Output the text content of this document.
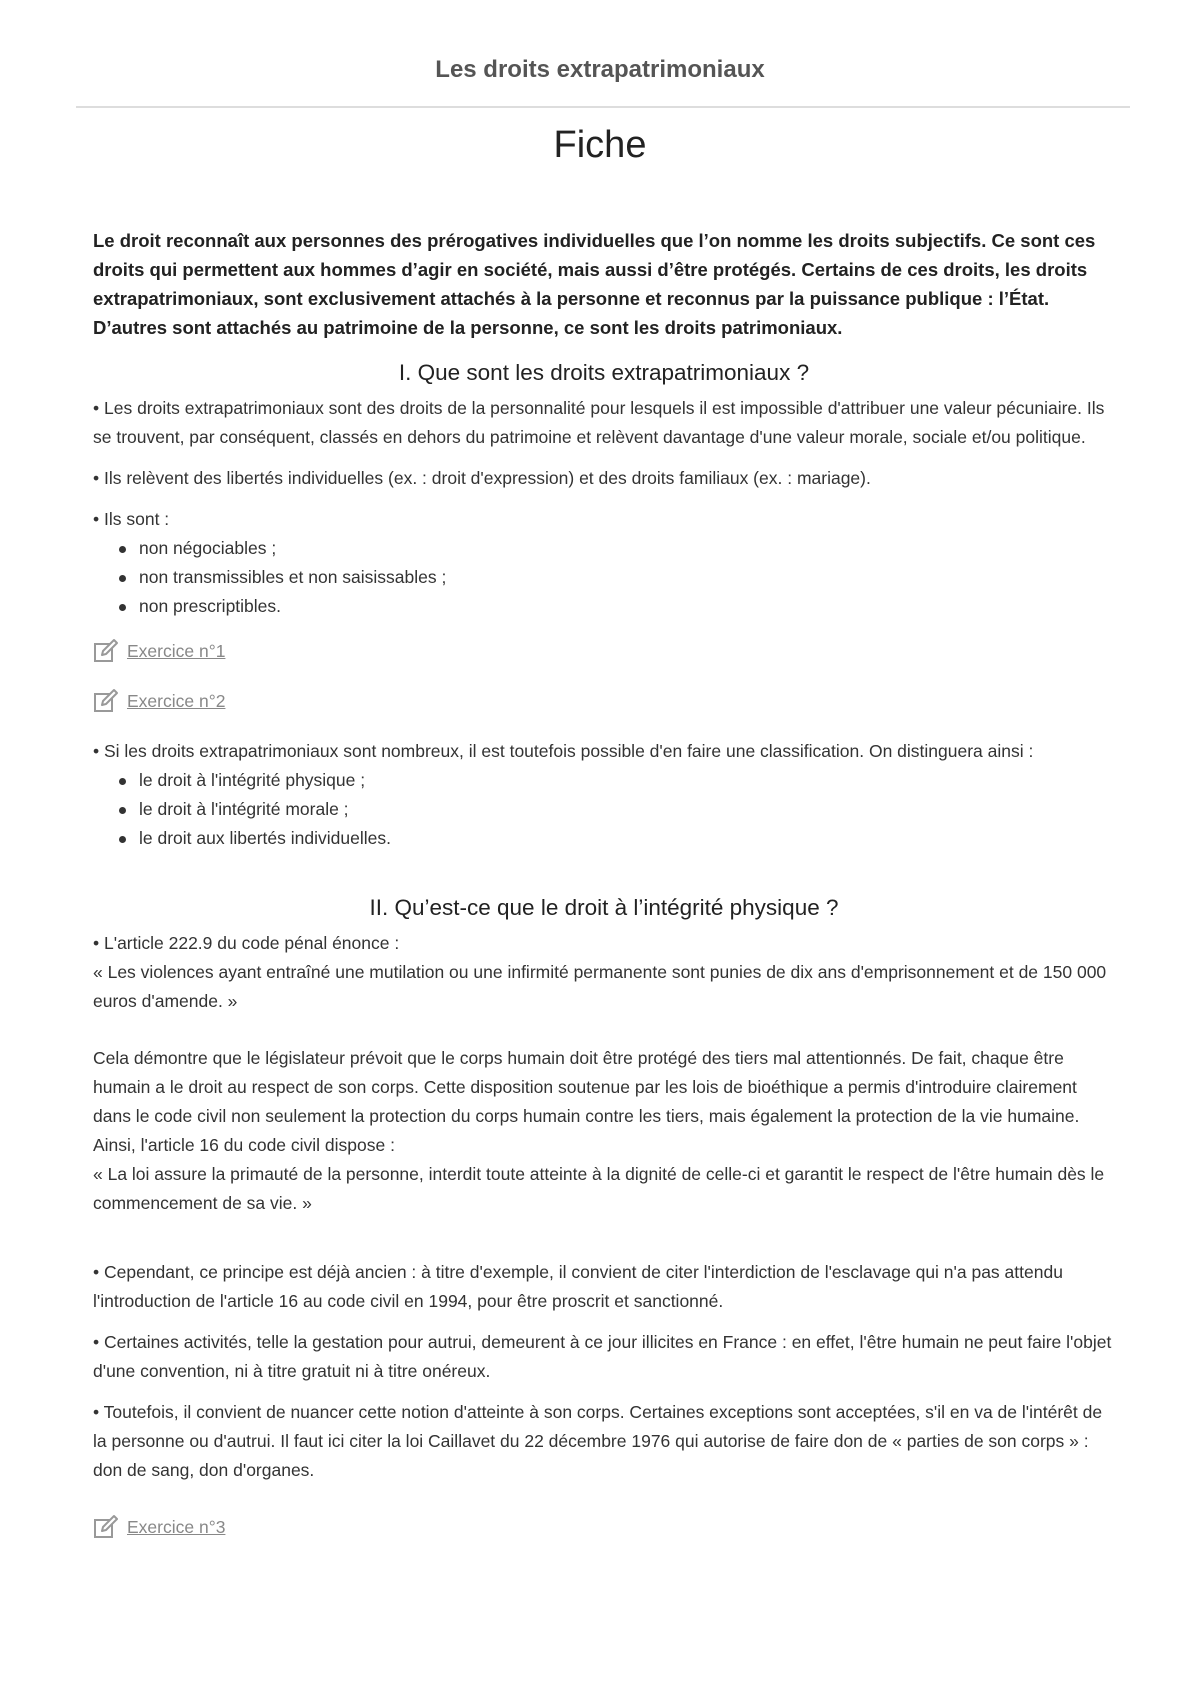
Les droits extrapatrimoniaux
Fiche

Le droit reconnaît aux personnes des prérogatives individuelles que l’on nomme les droits subjectifs. Ce sont ces droits qui permettent aux hommes d’agir en société, mais aussi d’être protégés. Certains de ces droits, les droits extrapatrimoniaux, sont exclusivement attachés à la personne et reconnus par la puissance publique : l’État. D’autres sont attachés au patrimoine de la personne, ce sont les droits patrimoniaux.

I. Que sont les droits extrapatrimoniaux ?

• Les droits extrapatrimoniaux sont des droits de la personnalité pour lesquels il est impossible d'attribuer une valeur pécuniaire. Ils se trouvent, par conséquent, classés en dehors du patrimoine et relèvent davantage d'une valeur morale, sociale et/ou politique.

• Ils relèvent des libertés individuelles (ex. : droit d'expression) et des droits familiaux (ex. : mariage).

• Ils sont :

non négociables ;
non transmissibles et non saisissables ;
non prescriptibles.
Exercice n°1
Exercice n°2

• Si les droits extrapatrimoniaux sont nombreux, il est toutefois possible d'en faire une classification. On distinguera ainsi :

le droit à l'intégrité physique ;
le droit à l'intégrité morale ;
le droit aux libertés individuelles.
II. Qu’est-ce que le droit à l’intégrité physique ?

• L'article 222.9 du code pénal énonce :

« Les violences ayant entraîné une mutilation ou une infirmité permanente sont punies de dix ans d'emprisonnement et de 150 000 euros d'amende. »

Cela démontre que le législateur prévoit que le corps humain doit être protégé des tiers mal attentionnés. De fait, chaque être humain a le droit au respect de son corps. Cette disposition soutenue par les lois de bioéthique a permis d'introduire clairement dans le code civil non seulement la protection du corps humain contre les tiers, mais également la protection de la vie humaine. Ainsi, l'article 16 du code civil dispose :

« La loi assure la primauté de la personne, interdit toute atteinte à la dignité de celle-ci et garantit le respect de l'être humain dès le commencement de sa vie. »

• Cependant, ce principe est déjà ancien : à titre d'exemple, il convient de citer l'interdiction de l'esclavage qui n'a pas attendu l'introduction de l'article 16 au code civil en 1994, pour être proscrit et sanctionné.

• Certaines activités, telle la gestation pour autrui, demeurent à ce jour illicites en France : en effet, l'être humain ne peut faire l'objet d'une convention, ni à titre gratuit ni à titre onéreux.

• Toutefois, il convient de nuancer cette notion d'atteinte à son corps. Certaines exceptions sont acceptées, s'il en va de l'intérêt de la personne ou d'autrui. Il faut ici citer la loi Caillavet du 22 décembre 1976 qui autorise de faire don de « parties de son corps » : don de sang, don d'organes.

Exercice n°3
